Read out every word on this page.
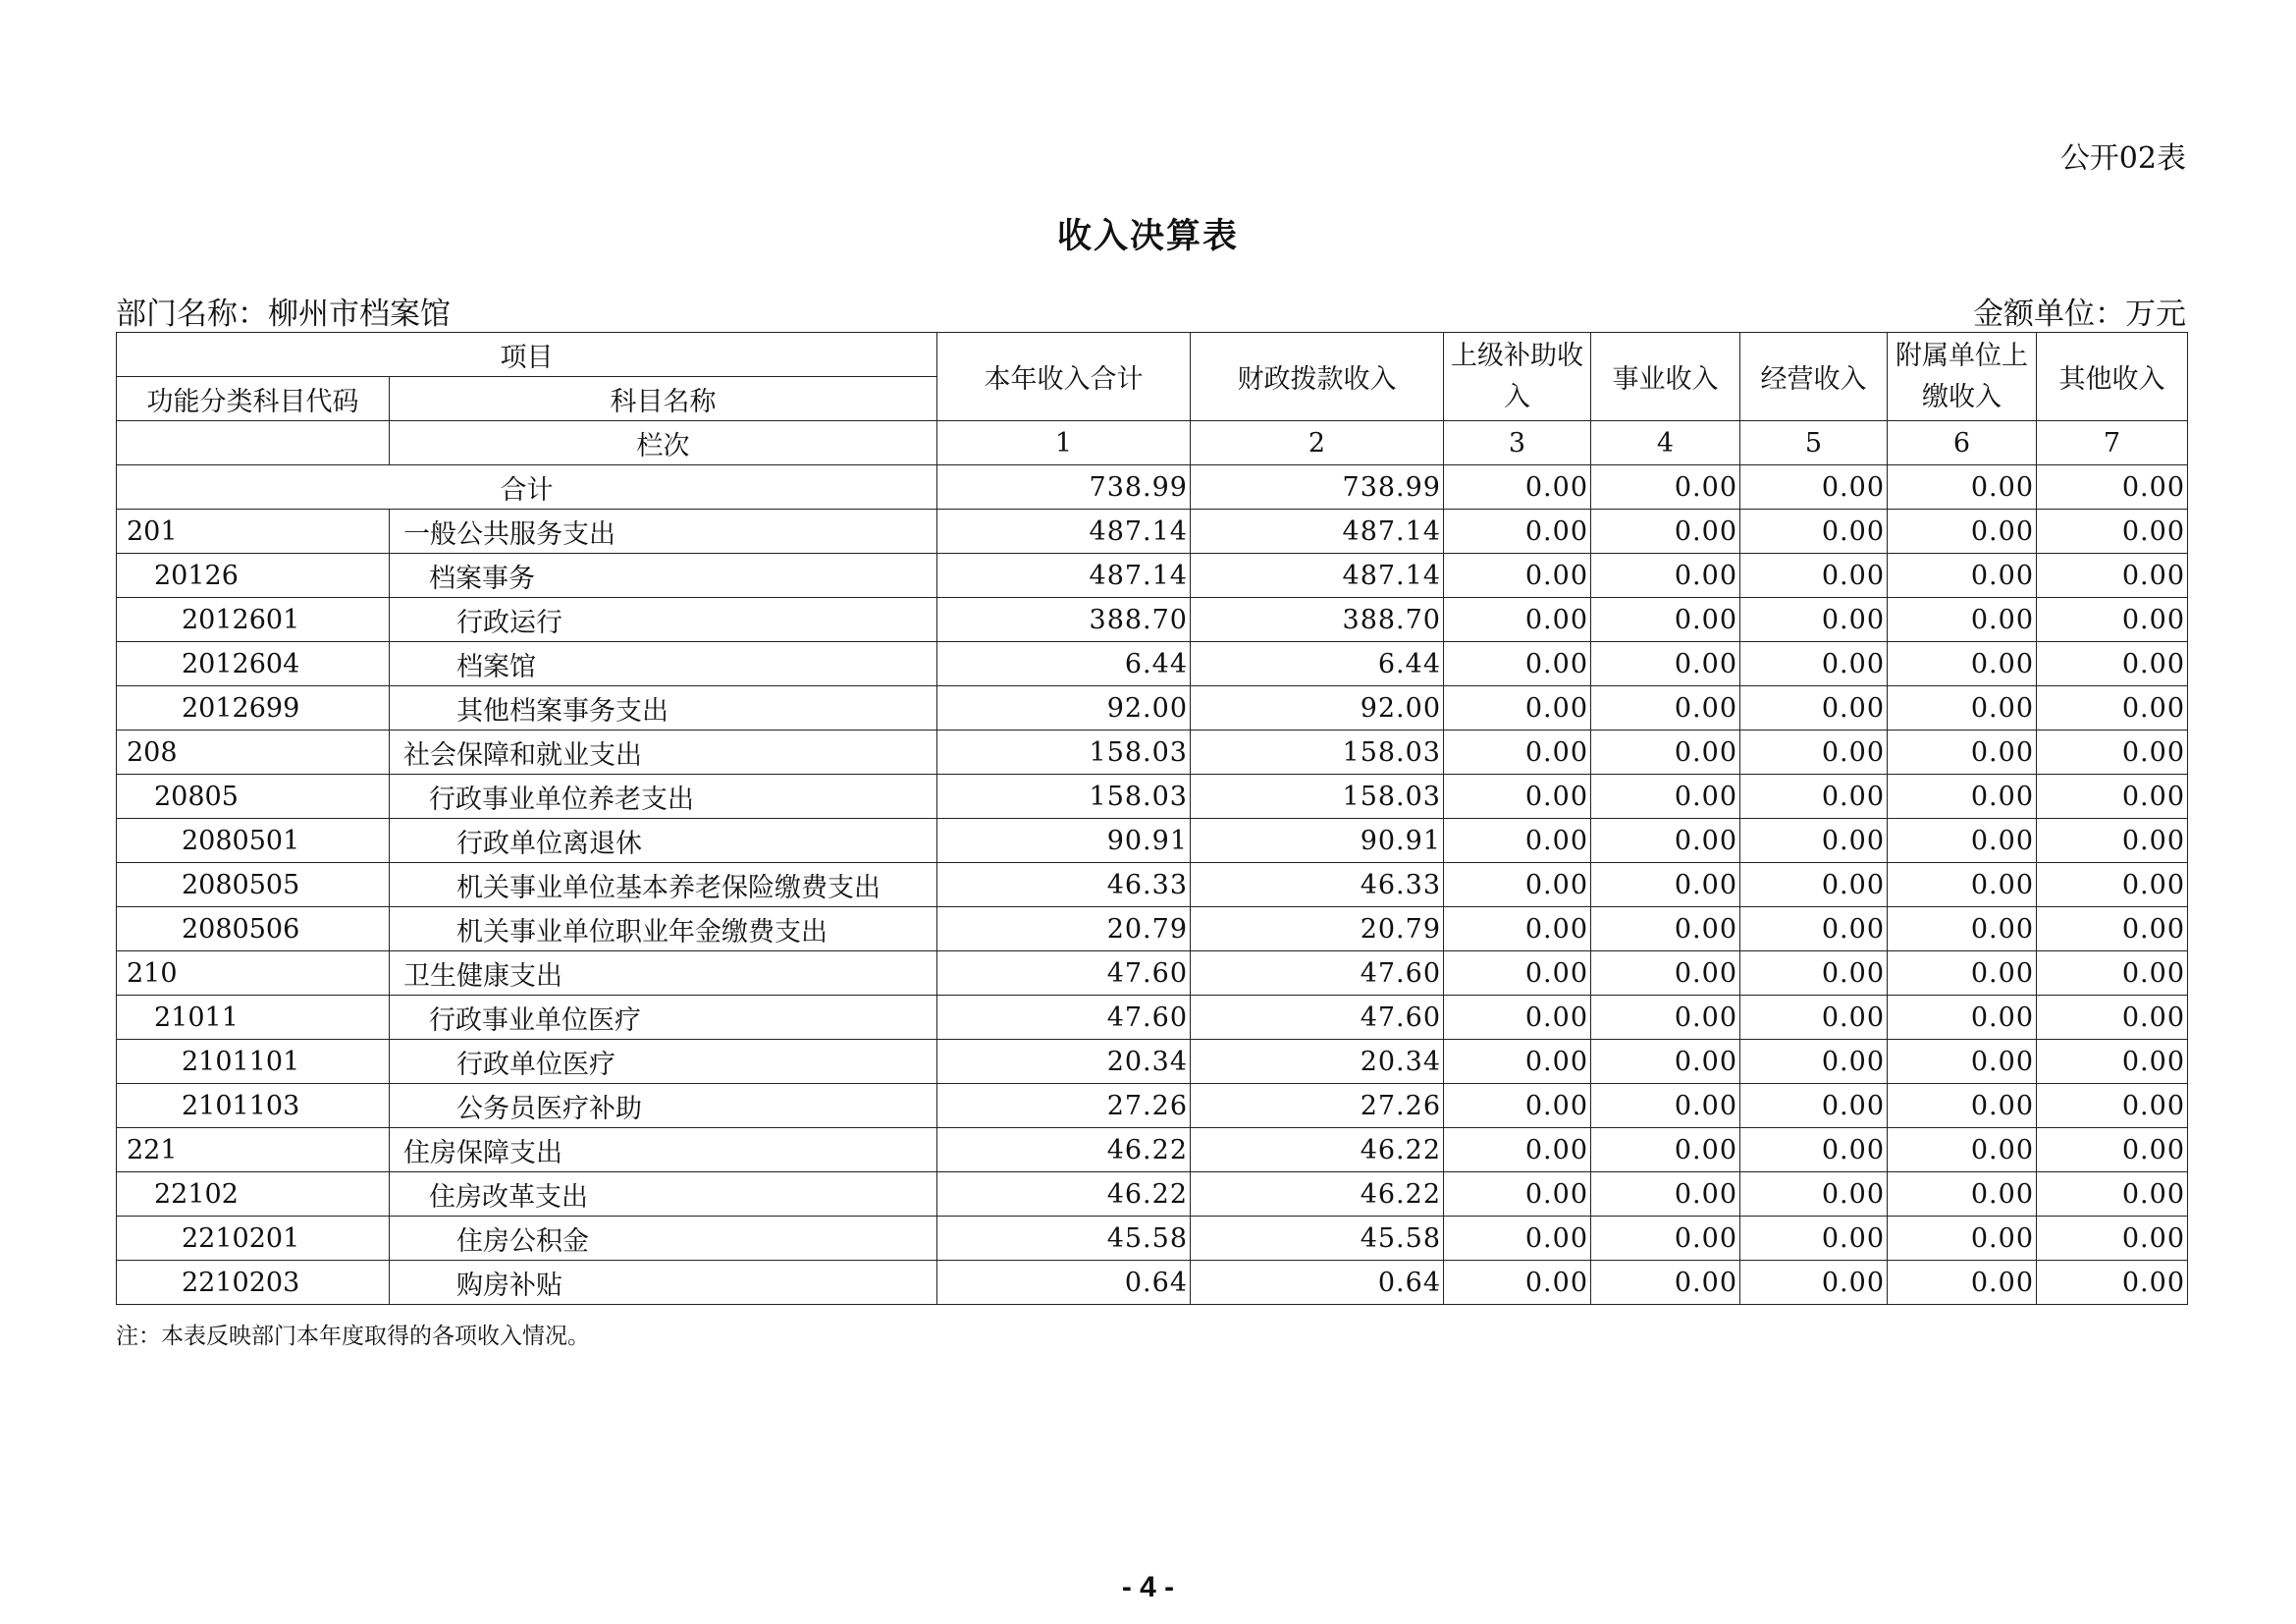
公开02表
收入决算表
部门名称：柳州市档案馆	金额单位：万元
项目		本年收入合计	财政拨款收入	上级补助收入	事业收入	经营收入	附属单位上缴收入	其他收入
功能分类科目代码	科目名称							
	栏次	1	2	3	4	5	6	7
合计		738.99	738.99	0.00	0.00	0.00	0.00	0.00
201	一般公共服务支出	487.14	487.14	0.00	0.00	0.00	0.00	0.00
20126	档案事务	487.14	487.14	0.00	0.00	0.00	0.00	0.00
2012601	行政运行	388.70	388.70	0.00	0.00	0.00	0.00	0.00
2012604	档案馆	6.44	6.44	0.00	0.00	0.00	0.00	0.00
2012699	其他档案事务支出	92.00	92.00	0.00	0.00	0.00	0.00	0.00
208	社会保障和就业支出	158.03	158.03	0.00	0.00	0.00	0.00	0.00
20805	行政事业单位养老支出	158.03	158.03	0.00	0.00	0.00	0.00	0.00
2080501	行政单位离退休	90.91	90.91	0.00	0.00	0.00	0.00	0.00
2080505	机关事业单位基本养老保险缴费支出	46.33	46.33	0.00	0.00	0.00	0.00	0.00
2080506	机关事业单位职业年金缴费支出	20.79	20.79	0.00	0.00	0.00	0.00	0.00
210	卫生健康支出	47.60	47.60	0.00	0.00	0.00	0.00	0.00
21011	行政事业单位医疗	47.60	47.60	0.00	0.00	0.00	0.00	0.00
2101101	行政单位医疗	20.34	20.34	0.00	0.00	0.00	0.00	0.00
2101103	公务员医疗补助	27.26	27.26	0.00	0.00	0.00	0.00	0.00
221	住房保障支出	46.22	46.22	0.00	0.00	0.00	0.00	0.00
22102	住房改革支出	46.22	46.22	0.00	0.00	0.00	0.00	0.00
2210201	住房公积金	45.58	45.58	0.00	0.00	0.00	0.00	0.00
2210203	购房补贴	0.64	0.64	0.00	0.00	0.00	0.00	0.00
注：本表反映部门本年度取得的各项收入情况。
- 4 -
